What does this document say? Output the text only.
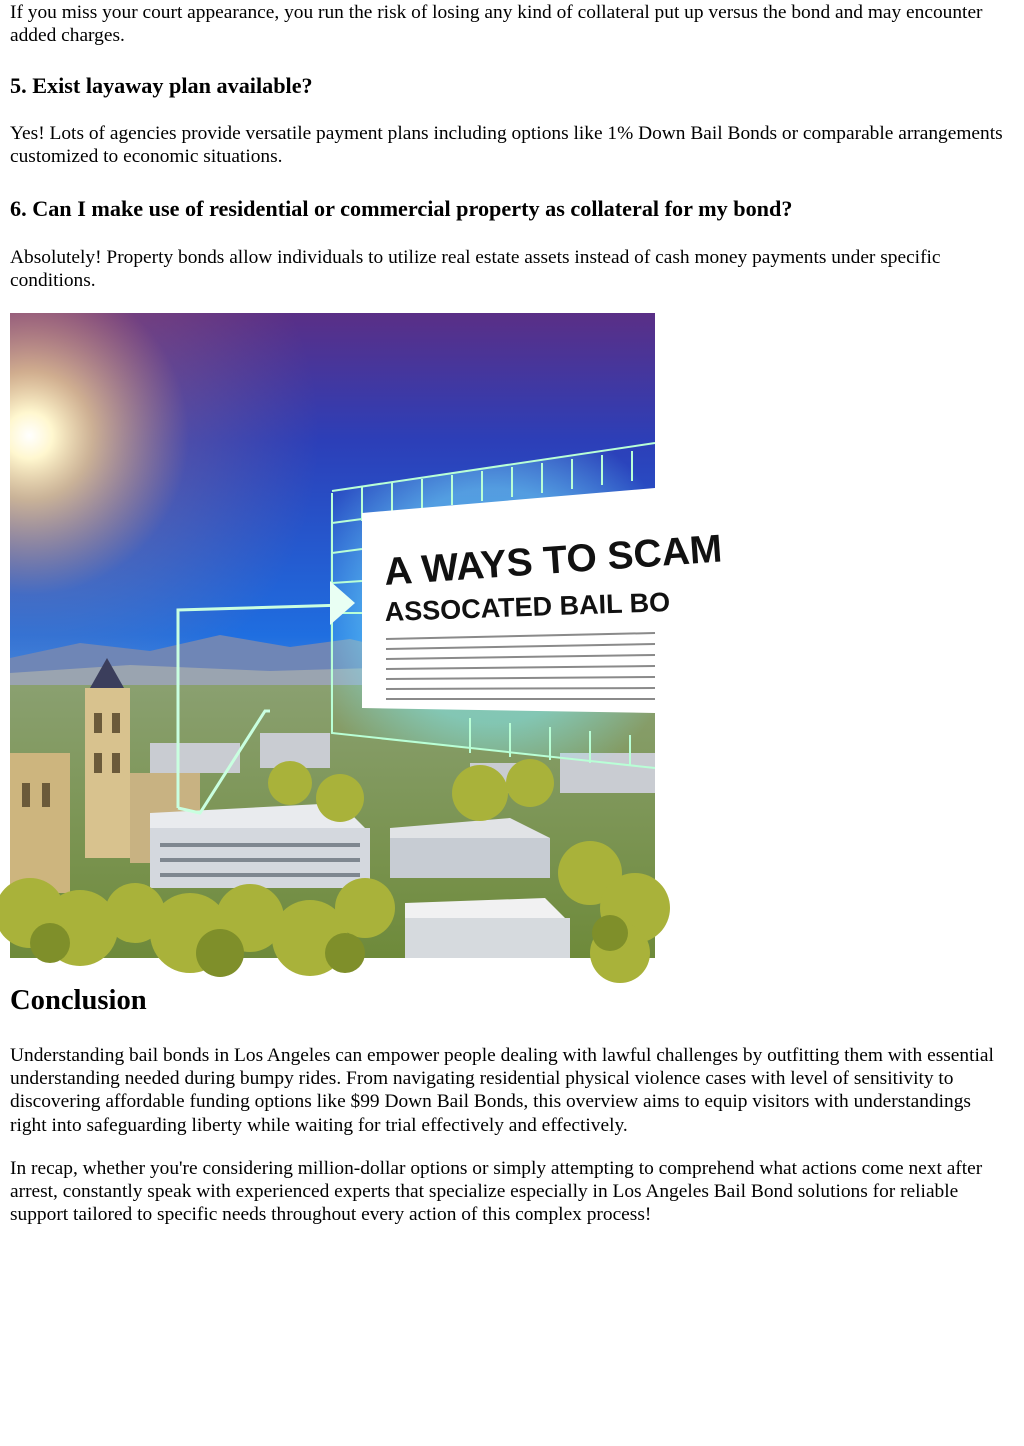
If you miss your court appearance, you run the risk of losing any kind of collateral put up versus the bond and may encounter added charges.

5. Exist layaway plan available?

Yes! Lots of agencies provide versatile payment plans including options like 1% Down Bail Bonds or comparable arrangements customized to economic situations.

6. Can I make use of residential or commercial property as collateral for my bond?

Absolutely! Property bonds allow individuals to utilize real estate assets instead of cash money payments under specific conditions.

A WAYS TO SCAM
ASSOCATED BAIL BO
Conclusion

Understanding bail bonds in Los Angeles can empower people dealing with lawful challenges by outfitting them with essential understanding needed during bumpy rides. From navigating residential physical violence cases with level of sensitivity to discovering affordable funding options like $99 Down Bail Bonds, this overview aims to equip visitors with understandings right into safeguarding liberty while waiting for trial effectively and effectively.

In recap, whether you're considering million-dollar options or simply attempting to comprehend what actions come next after arrest, constantly speak with experienced experts that specialize especially in Los Angeles Bail Bond solutions for reliable support tailored to specific needs throughout every action of this complex process!
